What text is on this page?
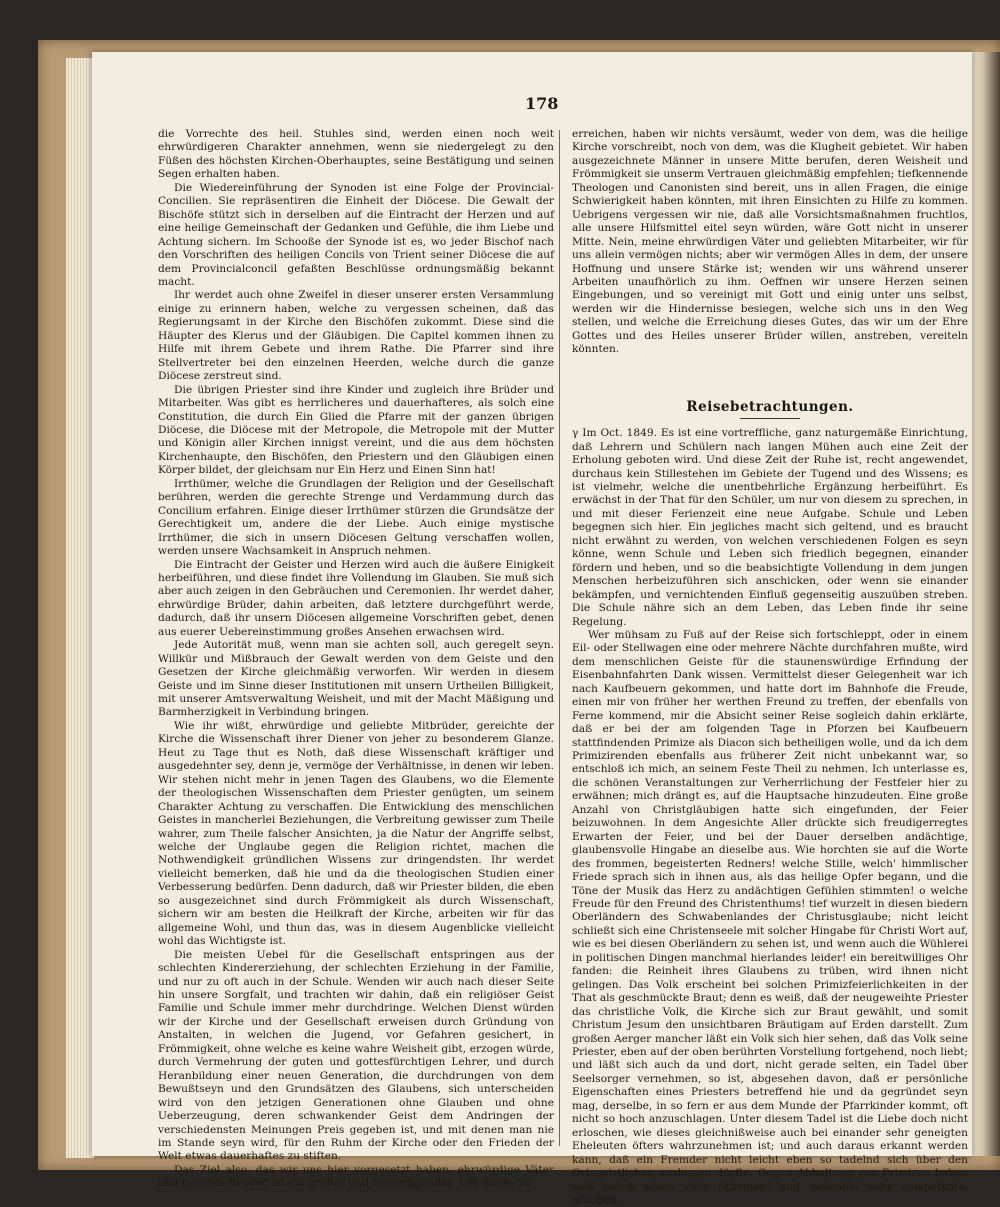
178

die Vorrechte des heil. Stuhles sind, werden einen noch weit ehrwürdigeren Charakter annehmen, wenn sie niedergelegt zu den Füßen des höchsten Kirchen-Oberhauptes, seine Bestätigung und seinen Segen erhalten haben.

Die Wiedereinführung der Synoden ist eine Folge der Provincial-Concilien. Sie repräsentiren die Einheit der Diöcese. Die Gewalt der Bischöfe stützt sich in derselben auf die Eintracht der Herzen und auf eine heilige Gemeinschaft der Gedanken und Gefühle, die ihm Liebe und Achtung sichern. Im Schooße der Synode ist es, wo jeder Bischof nach den Vorschriften des heiligen Concils von Trient seiner Diöcese die auf dem Provincialconcil gefaßten Beschlüsse ordnungsmäßig bekannt macht.

Ihr werdet auch ohne Zweifel in dieser unserer ersten Versammlung einige zu erinnern haben, welche zu vergessen scheinen, daß das Regierungsamt in der Kirche den Bischöfen zukommt. Diese sind die Häupter des Klerus und der Gläubigen. Die Capitel kommen ihnen zu Hilfe mit ihrem Gebete und ihrem Rathe. Die Pfarrer sind ihre Stellvertreter bei den einzelnen Heerden, welche durch die ganze Diöcese zerstreut sind.

Die übrigen Priester sind ihre Kinder und zugleich ihre Brüder und Mitarbeiter. Was gibt es herrlicheres und dauerhafteres, als solch eine Constitution, die durch Ein Glied die Pfarre mit der ganzen übrigen Diöcese, die Diöcese mit der Metropole, die Metropole mit der Mutter und Königin aller Kirchen innigst vereint, und die aus dem höchsten Kirchenhaupte, den Bischöfen, den Priestern und den Gläubigen einen Körper bildet, der gleichsam nur Ein Herz und Einen Sinn hat!

Irrthümer, welche die Grundlagen der Religion und der Gesellschaft berühren, werden die gerechte Strenge und Verdammung durch das Concilium erfahren. Einige dieser Irrthümer stürzen die Grundsätze der Gerechtigkeit um, andere die der Liebe. Auch einige mystische Irrthümer, die sich in unsern Diöcesen Geltung verschaffen wollen, werden unsere Wachsamkeit in Anspruch nehmen.

Die Eintracht der Geister und Herzen wird auch die äußere Einigkeit herbeiführen, und diese findet ihre Vollendung im Glauben. Sie muß sich aber auch zeigen in den Gebräuchen und Ceremonien. Ihr werdet daher, ehrwürdige Brüder, dahin arbeiten, daß letztere durchgeführt werde, dadurch, daß ihr unsern Diöcesen allgemeine Vorschriften gebet, denen aus euerer Uebereinstimmung großes Ansehen erwachsen wird.

Jede Autorität muß, wenn man sie achten soll, auch geregelt seyn. Willkür und Mißbrauch der Gewalt werden von dem Geiste und den Gesetzen der Kirche gleichmäßig verworfen. Wir werden in diesem Geiste und im Sinne dieser Institutionen mit unsern Urtheilen Billigkeit, mit unserer Amtsverwaltung Weisheit, und mit der Macht Mäßigung und Barmherzigkeit in Verbindung bringen.

Wie ihr wißt, ehrwürdige und geliebte Mitbrüder, gereichte der Kirche die Wissenschaft ihrer Diener von jeher zu besonderem Glanze. Heut zu Tage thut es Noth, daß diese Wissenschaft kräftiger und ausgedehnter sey, denn je, vermöge der Verhältnisse, in denen wir leben. Wir stehen nicht mehr in jenen Tagen des Glaubens, wo die Elemente der theologischen Wissenschaften dem Priester genügten, um seinem Charakter Achtung zu verschaffen. Die Entwicklung des menschlichen Geistes in mancherlei Beziehungen, die Verbreitung gewisser zum Theile wahrer, zum Theile falscher Ansichten, ja die Natur der Angriffe selbst, welche der Unglaube gegen die Religion richtet, machen die Nothwendigkeit gründlichen Wissens zur dringendsten. Ihr werdet vielleicht bemerken, daß hie und da die theologischen Studien einer Verbesserung bedürfen. Denn dadurch, daß wir Priester bilden, die eben so ausgezeichnet sind durch Frömmigkeit als durch Wissenschaft, sichern wir am besten die Heilkraft der Kirche, arbeiten wir für das allgemeine Wohl, und thun das, was in diesem Augenblicke vielleicht wohl das Wichtigste ist.

Die meisten Uebel für die Gesellschaft entspringen aus der schlechten Kindererziehung, der schlechten Erziehung in der Familie, und nur zu oft auch in der Schule. Wenden wir auch nach dieser Seite hin unsere Sorgfalt, und trachten wir dahin, daß ein religiöser Geist Familie und Schule immer mehr durchdringe. Welchen Dienst würden wir der Kirche und der Gesellschaft erweisen durch Gründung von Anstalten, in welchen die Jugend, vor Gefahren gesichert, in Frömmigkeit, ohne welche es keine wahre Weisheit gibt, erzogen würde, durch Vermehrung der guten und gottesfürchtigen Lehrer, und durch Heranbildung einer neuen Generation, die durchdrungen von dem Bewußtseyn und den Grundsätzen des Glaubens, sich unterscheiden wird von den jetzigen Generationen ohne Glauben und ohne Ueberzeugung, deren schwankender Geist dem Andringen der verschiedensten Meinungen Preis gegeben ist, und mit denen man nie im Stande seyn wird, für den Ruhm der Kirche oder den Frieden der Welt etwas dauerhaftes zu stiften.

Das Ziel also, das wir uns hier vorgesetzt haben, ehrwürdige Väter und geliebte Brüder, ist ein großes und heilbringendes. Um dieses zu

erreichen, haben wir nichts versäumt, weder von dem, was die heilige Kirche vorschreibt, noch von dem, was die Klugheit gebietet. Wir haben ausgezeichnete Männer in unsere Mitte berufen, deren Weisheit und Frömmigkeit sie unserm Vertrauen gleichmäßig empfehlen; tiefkennende Theologen und Canonisten sind bereit, uns in allen Fragen, die einige Schwierigkeit haben könnten, mit ihren Einsichten zu Hilfe zu kommen. Uebrigens vergessen wir nie, daß alle Vorsichtsmaßnahmen fruchtlos, alle unsere Hilfsmittel eitel seyn würden, wäre Gott nicht in unserer Mitte. Nein, meine ehrwürdigen Väter und geliebten Mitarbeiter, wir für uns allein vermögen nichts; aber wir vermögen Alles in dem, der unsere Hoffnung und unsere Stärke ist; wenden wir uns während unserer Arbeiten unaufhörlich zu ihm. Oeffnen wir unsere Herzen seinen Eingebungen, und so vereinigt mit Gott und einig unter uns selbst, werden wir die Hindernisse besiegen, welche sich uns in den Weg stellen, und welche die Erreichung dieses Gutes, das wir um der Ehre Gottes und des Heiles unserer Brüder willen, anstreben, vereiteln könnten.

Reisebetrachtungen.

γ Im Oct. 1849. Es ist eine vortreffliche, ganz naturgemäße Einrichtung, daß Lehrern und Schülern nach langen Mühen auch eine Zeit der Erholung geboten wird. Und diese Zeit der Ruhe ist, recht angewendet, durchaus kein Stillestehen im Gebiete der Tugend und des Wissens; es ist vielmehr, welche die unentbehrliche Ergänzung herbeiführt. Es erwächst in der That für den Schüler, um nur von diesem zu sprechen, in und mit dieser Ferienzeit eine neue Aufgabe. Schule und Leben begegnen sich hier. Ein jegliches macht sich geltend, und es braucht nicht erwähnt zu werden, von welchen verschiedenen Folgen es seyn könne, wenn Schule und Leben sich friedlich begegnen, einander fördern und heben, und so die beabsichtigte Vollendung in dem jungen Menschen herbeizuführen sich anschicken, oder wenn sie einander bekämpfen, und vernichtenden Einfluß gegenseitig auszuüben streben. Die Schule nähre sich an dem Leben, das Leben finde ihr seine Regelung.

Wer mühsam zu Fuß auf der Reise sich fortschleppt, oder in einem Eil- oder Stellwagen eine oder mehrere Nächte durchfahren mußte, wird dem menschlichen Geiste für die staunenswürdige Erfindung der Eisenbahnfahrten Dank wissen. Vermittelst dieser Gelegenheit war ich nach Kaufbeuern gekommen, und hatte dort im Bahnhofe die Freude, einen mir von früher her werthen Freund zu treffen, der ebenfalls von Ferne kommend, mir die Absicht seiner Reise sogleich dahin erklärte, daß er bei der am folgenden Tage in Pforzen bei Kaufbeuern stattfindenden Primize als Diacon sich betheiligen wolle, und da ich dem Primizirenden ebenfalls aus früherer Zeit nicht unbekannt war, so entschloß ich mich, an seinem Feste Theil zu nehmen. Ich unterlasse es, die schönen Veranstaltungen zur Verherrlichung der Festfeier hier zu erwähnen; mich drängt es, auf die Hauptsache hinzudeuten. Eine große Anzahl von Christgläubigen hatte sich eingefunden, der Feier beizuwohnen. In dem Angesichte Aller drückte sich freudigerregtes Erwarten der Feier, und bei der Dauer derselben andächtige, glaubensvolle Hingabe an dieselbe aus. Wie horchten sie auf die Worte des frommen, begeisterten Redners! welche Stille, welch' himmlischer Friede sprach sich in ihnen aus, als das heilige Opfer begann, und die Töne der Musik das Herz zu andächtigen Gefühlen stimmten! o welche Freude für den Freund des Christenthums! tief wurzelt in diesen biedern Oberländern des Schwabenlandes der Christusglaube; nicht leicht schließt sich eine Christenseele mit solcher Hingabe für Christi Wort auf, wie es bei diesen Oberländern zu sehen ist, und wenn auch die Wühlerei in politischen Dingen manchmal hierlandes leider! ein bereitwilliges Ohr fanden: die Reinheit ihres Glaubens zu trüben, wird ihnen nicht gelingen. Das Volk erscheint bei solchen Primizfeierlichkeiten in der That als geschmückte Braut; denn es weiß, daß der neugeweihte Priester das christliche Volk, die Kirche sich zur Braut gewählt, und somit Christum Jesum den unsichtbaren Bräutigam auf Erden darstellt. Zum großen Aerger mancher läßt ein Volk sich hier sehen, daß das Volk seine Priester, eben auf der oben berührten Vorstellung fortgehend, noch liebt; und läßt sich auch da und dort, nicht gerade selten, ein Tadel über Seelsorger vernehmen, so ist, abgesehen davon, daß er persönliche Eigenschaften eines Priesters betreffend hie und da gegründet seyn mag, derselbe, in so fern er aus dem Munde der Pfarrkinder kommt, oft nicht so hoch anzuschlagen. Unter diesem Tadel ist die Liebe doch nicht erloschen, wie dieses gleichnißweise auch bei einander sehr geneigten Eheleuten öfters wahrzunehmen ist; und auch daraus erkannt werden kann, daß ein Fremder nicht leicht eben so tadelnd sich über den Ortsgeistlichen auslassen dürfte. Gegen Abhaltung von Primizen haben sich indeß schon viele Stimmen, und nebenbei sehr competente, erhoben.
